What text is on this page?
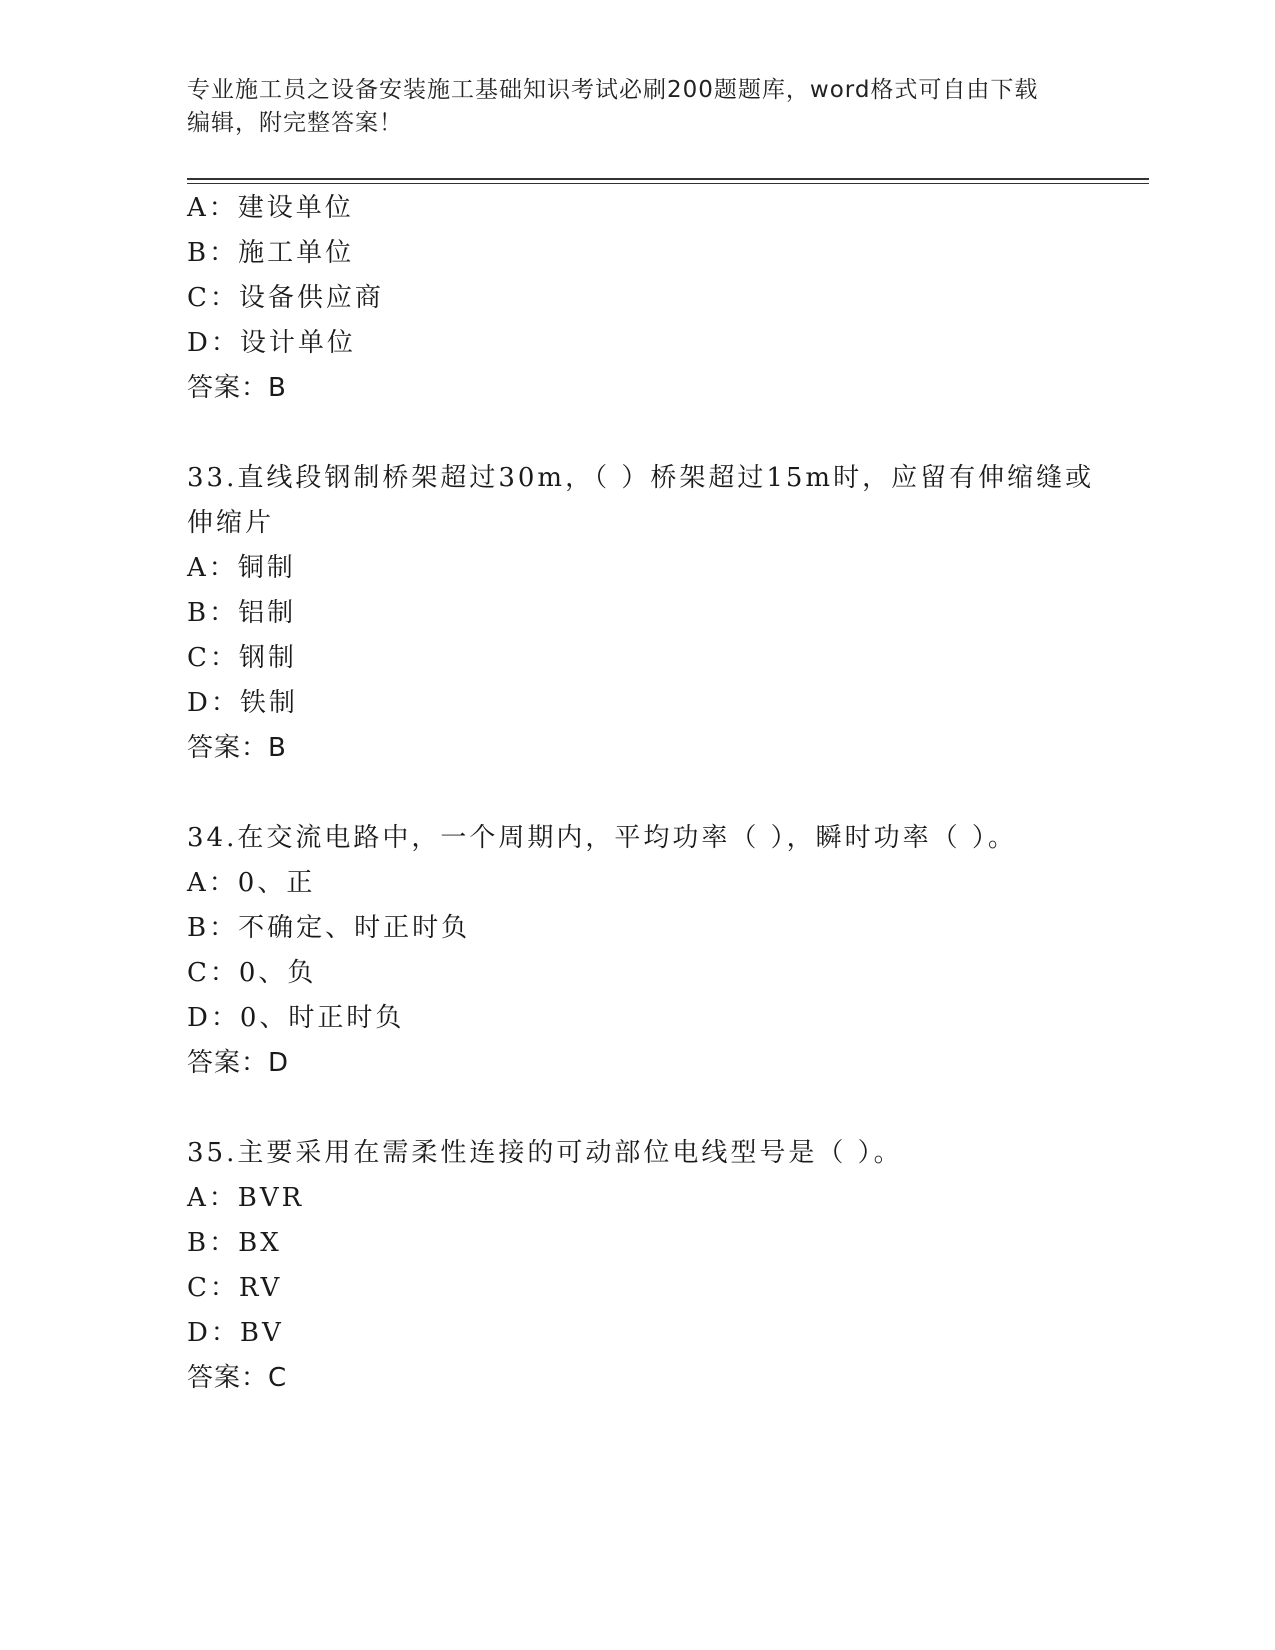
专业施工员之设备安装施工基础知识考试必刷200题题库，word格式可自由下载
编辑，附完整答案！
A：建设单位
B：施工单位
C：设备供应商
D：设计单位
答案：B
33.直线段钢制桥架超过30m，（ ）桥架超过15m时，应留有伸缩缝或
伸缩片
A：铜制
B：铝制
C：钢制
D：铁制
答案：B
34.在交流电路中，一个周期内，平均功率（ ），瞬时功率（ ）。
A：0、正
B：不确定、时正时负
C：0、负
D：0、时正时负
答案：D
35.主要采用在需柔性连接的可动部位电线型号是（ ）。
A：BVR
B：BX
C：RV
D：BV
答案：C
